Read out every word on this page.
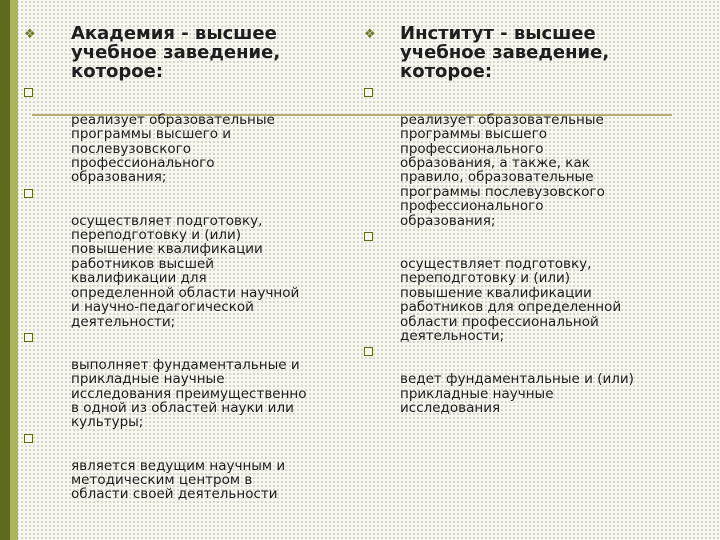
❖ Академия - высшее
учебное заведение,
которое:

реализует образовательные
программы высшего и
послевузовского
профессионального
образования;

осуществляет подготовку,
переподготовку и (или)
повышение квалификации
работников высшей
квалификации для
определенной области научной
и научно-педагогической
деятельности;

выполняет фундаментальные и
прикладные научные
исследования преимущественно
в одной из областей науки или
культуры;

является ведущим научным и
методическим центром в
области своей деятельности

❖ Институт - высшее
учебное заведение,
которое:

реализует образовательные
программы высшего
профессионального
образования, а также, как
правило, образовательные
программы послевузовского
профессионального
образования;

осуществляет подготовку,
переподготовку и (или)
повышение квалификации
работников для определенной
области профессиональной
деятельности;

ведет фундаментальные и (или)
прикладные научные
исследования
